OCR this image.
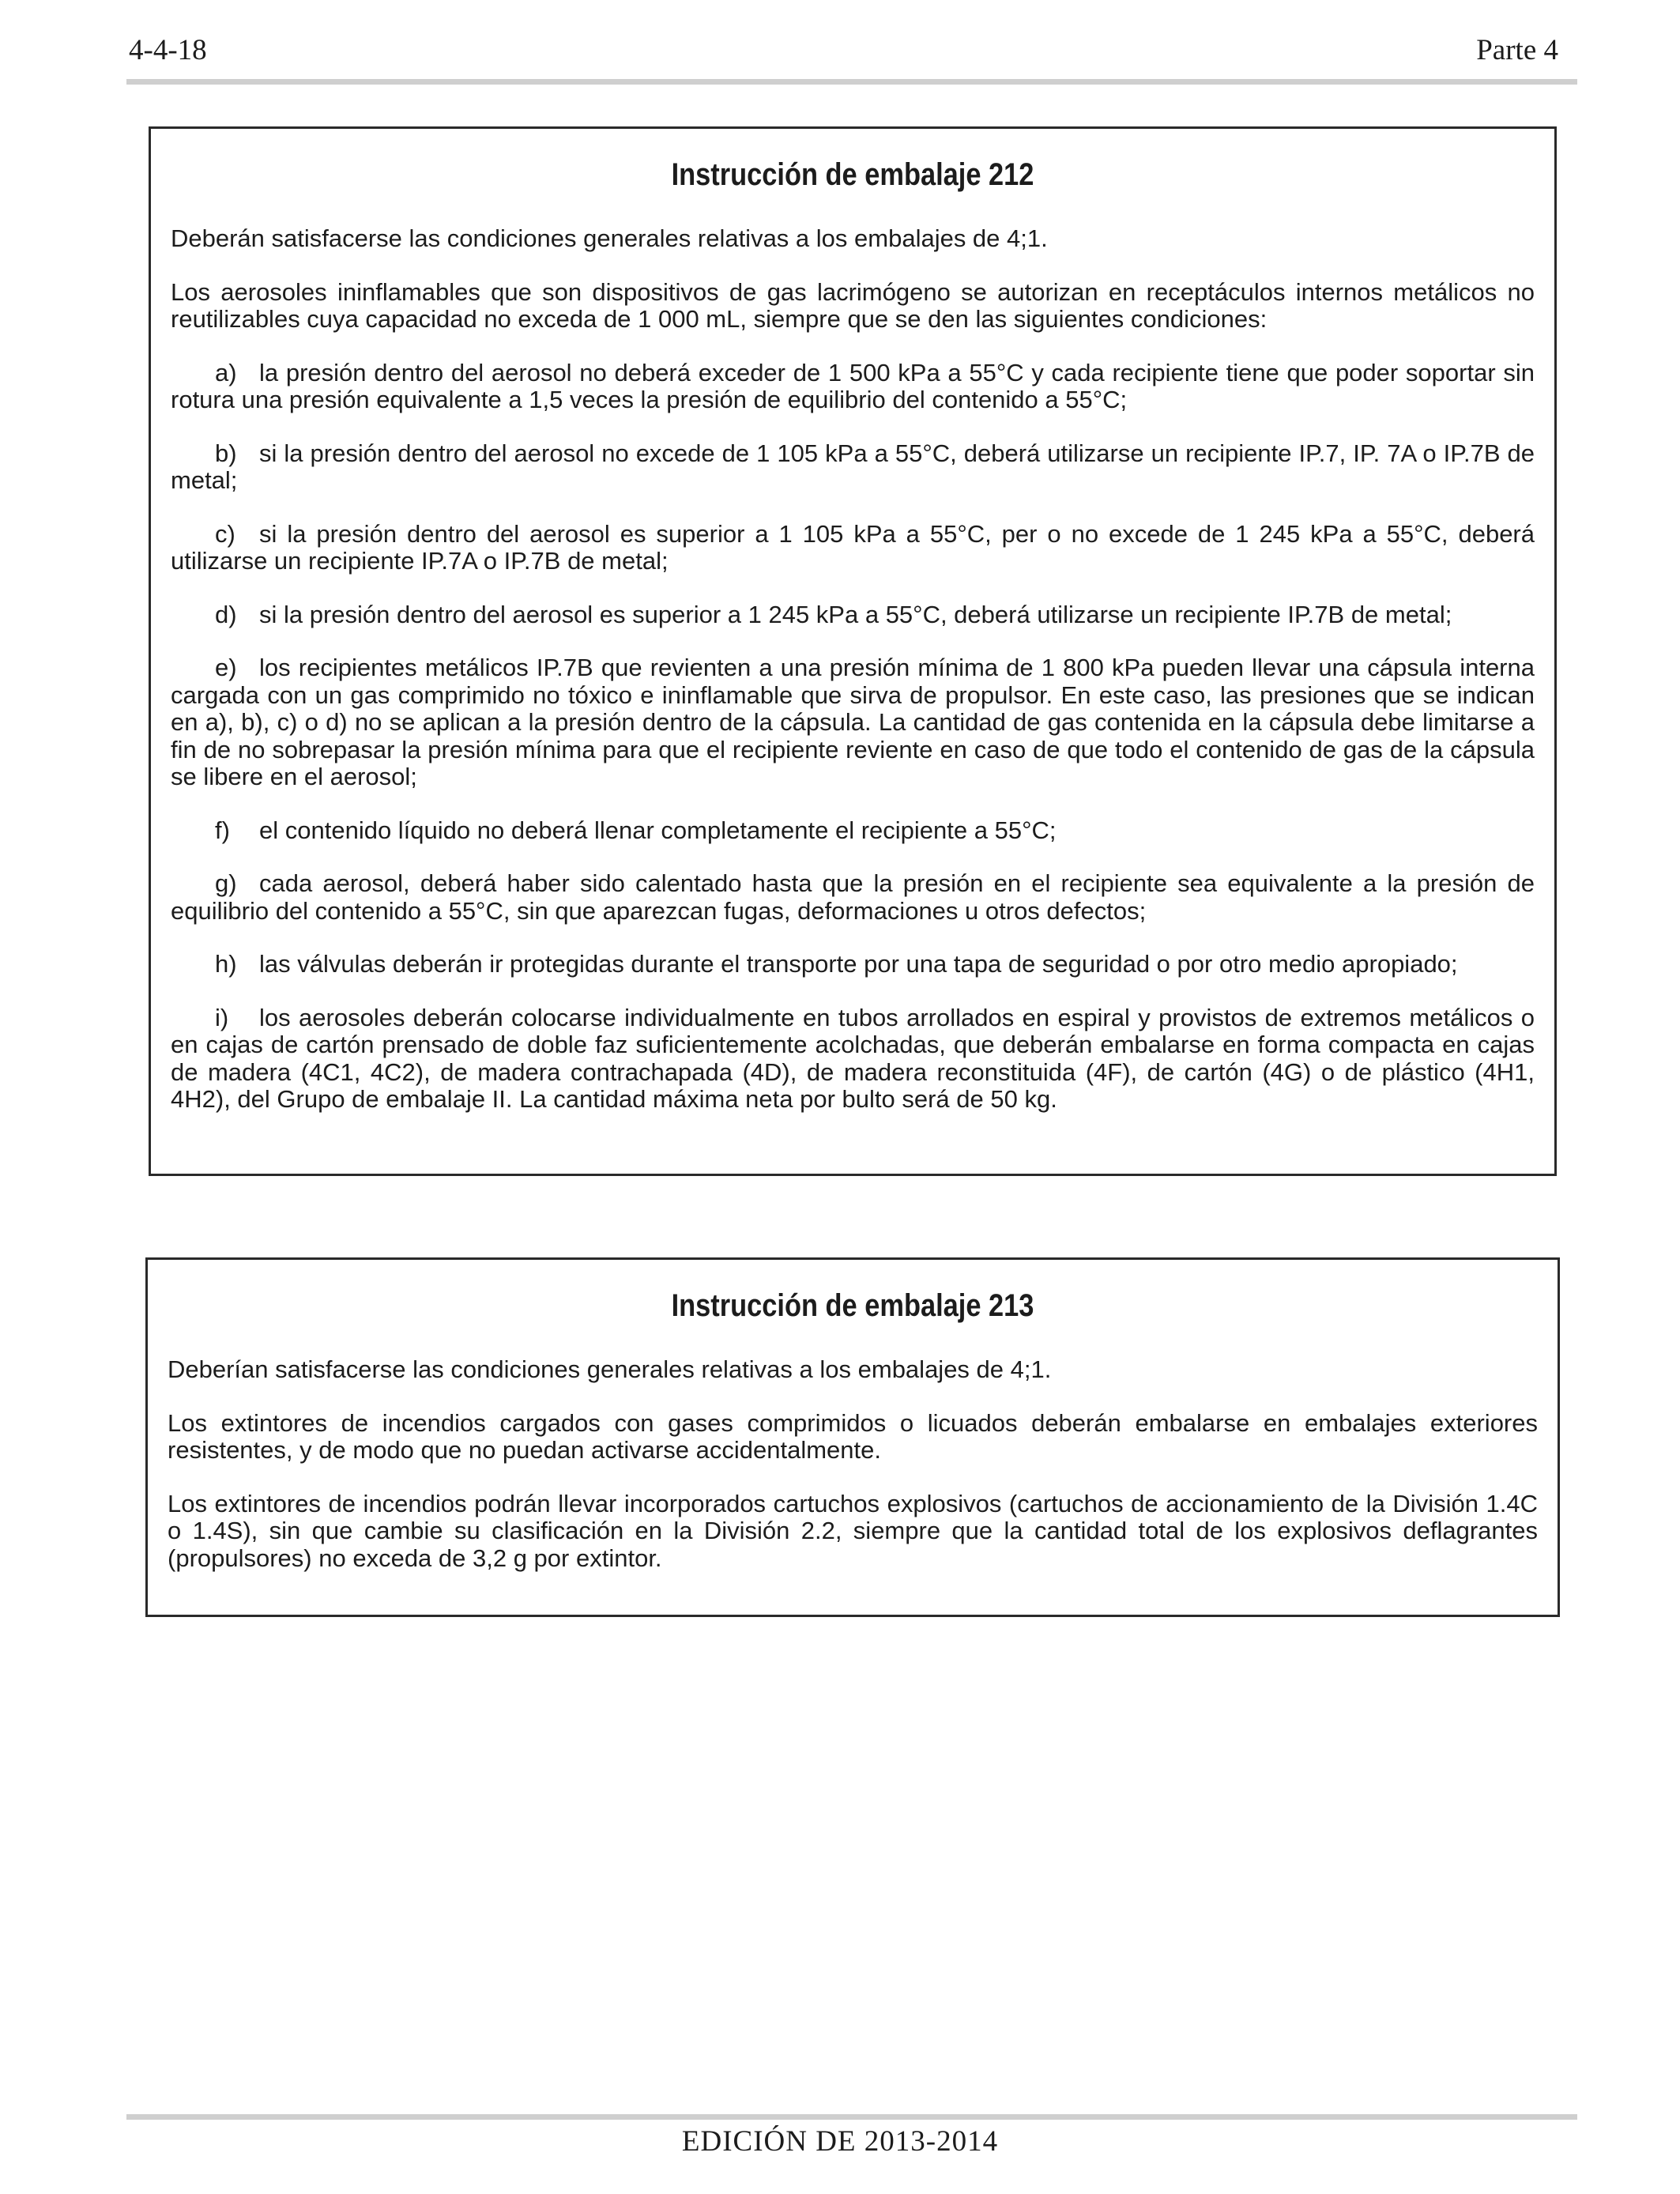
4-4-18	Parte 4
Instrucción de embalaje 212

Deberán satisfacerse las condiciones generales relativas a los embalajes de 4;1.

Los aerosoles ininflamables que son dispositivos de gas lacrimógeno se autorizan en receptáculos internos metálicos no reutilizables cuya capacidad no exceda de 1 000 mL, siempre que se den las siguientes condiciones:

a) la presión dentro del aerosol no deberá exceder de 1 500 kPa a 55°C y cada recipiente tiene que poder soportar sin rotura una presión equivalente a 1,5 veces la presión de equilibrio del contenido a 55°C;

b) si la presión dentro del aerosol no excede de 1 105 kPa a 55°C, deberá utilizarse un recipiente IP.7, IP. 7A o IP.7B de metal;

c) si la presión dentro del aerosol es superior a 1 105 kPa a 55°C, per o no excede de 1 245 kPa a 55°C, deberá utilizarse un recipiente IP.7A o IP.7B de metal;

d) si la presión dentro del aerosol es superior a 1 245 kPa a 55°C, deberá utilizarse un recipiente IP.7B de metal;

e) los recipientes metálicos IP.7B que revienten a una presión mínima de 1 800 kPa pueden llevar una cápsula interna cargada con un gas comprimido no tóxico e ininflamable que sirva de propulsor. En este caso, las presiones que se indican en a), b), c) o d) no se aplican a la presión dentro de la cápsula. La cantidad de gas contenida en la cápsula debe limitarse a fin de no sobrepasar la presión mínima para que el recipiente reviente en caso de que todo el contenido de gas de la cápsula se libere en el aerosol;

f) el contenido líquido no deberá llenar completamente el recipiente a 55°C;

g) cada aerosol, deberá haber sido calentado hasta que la presión en el recipiente sea equivalente a la presión de equilibrio del contenido a 55°C, sin que aparezcan fugas, deformaciones u otros defectos;

h) las válvulas deberán ir protegidas durante el transporte por una tapa de seguridad o por otro medio apropiado;

i) los aerosoles deberán colocarse individualmente en tubos arrollados en espiral y provistos de extremos metálicos o en cajas de cartón prensado de doble faz suficientemente acolchadas, que deberán embalarse en forma compacta en cajas de madera (4C1, 4C2), de madera contrachapada (4D), de madera reconstituida (4F), de cartón (4G) o de plástico (4H1, 4H2), del Grupo de embalaje II. La cantidad máxima neta por bulto será de 50 kg.

Instrucción de embalaje 213

Deberían satisfacerse las condiciones generales relativas a los embalajes de 4;1.

Los extintores de incendios cargados con gases comprimidos o licuados deberán embalarse en embalajes exteriores resistentes, y de modo que no puedan activarse accidentalmente.

Los extintores de incendios podrán llevar incorporados cartuchos explosivos (cartuchos de accionamiento de la División 1.4C o 1.4S), sin que cambie su clasificación en la División 2.2, siempre que la cantidad total de los explosivos deflagrantes (propulsores) no exceda de 3,2 g por extintor.

EDICIÓN DE 2013-2014
